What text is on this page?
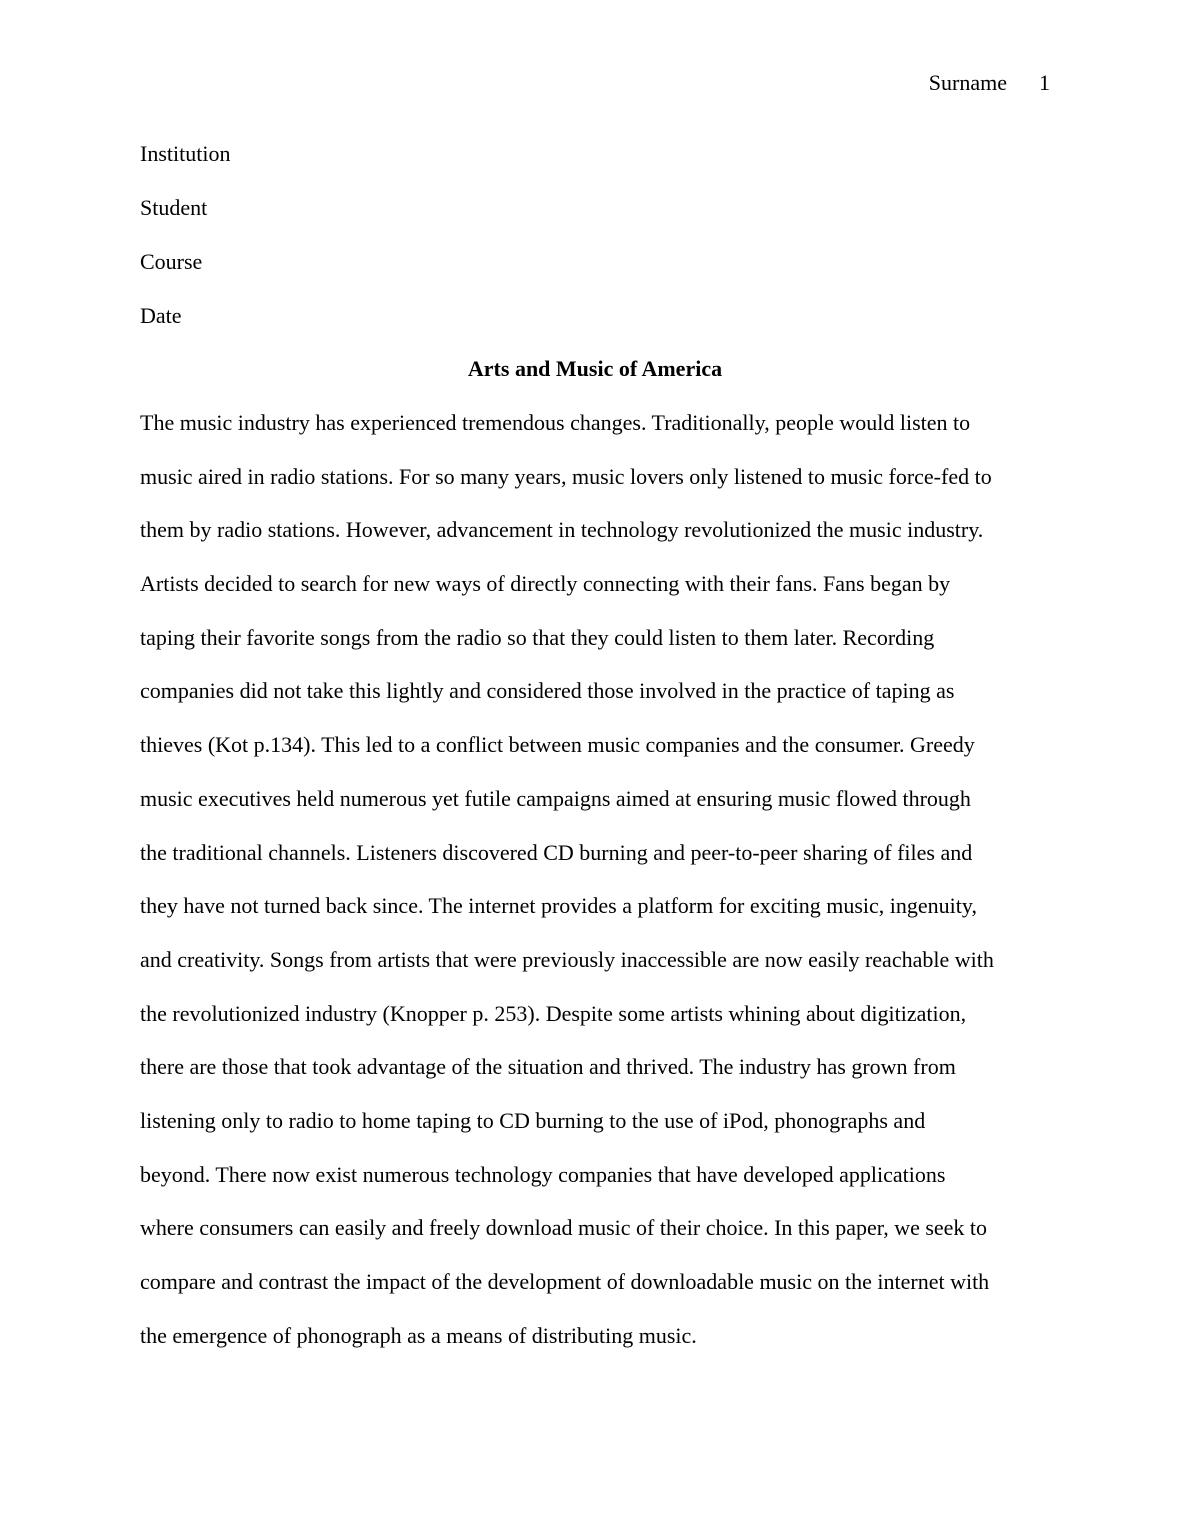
Surname 1
Institution
Student
Course
Date
Arts and Music of America
The music industry has experienced tremendous changes. Traditionally, people would listen to
music aired in radio stations. For so many years, music lovers only listened to music force-fed to
them by radio stations. However, advancement in technology revolutionized the music industry.
Artists decided to search for new ways of directly connecting with their fans. Fans began by
taping their favorite songs from the radio so that they could listen to them later. Recording
companies did not take this lightly and considered those involved in the practice of taping as
thieves (Kot p.134). This led to a conflict between music companies and the consumer. Greedy
music executives held numerous yet futile campaigns aimed at ensuring music flowed through
the traditional channels. Listeners discovered CD burning and peer-to-peer sharing of files and
they have not turned back since. The internet provides a platform for exciting music, ingenuity,
and creativity. Songs from artists that were previously inaccessible are now easily reachable with
the revolutionized industry (Knopper p. 253). Despite some artists whining about digitization,
there are those that took advantage of the situation and thrived. The industry has grown from
listening only to radio to home taping to CD burning to the use of iPod, phonographs and
beyond. There now exist numerous technology companies that have developed applications
where consumers can easily and freely download music of their choice. In this paper, we seek to
compare and contrast the impact of the development of downloadable music on the internet with
the emergence of phonograph as a means of distributing music.
